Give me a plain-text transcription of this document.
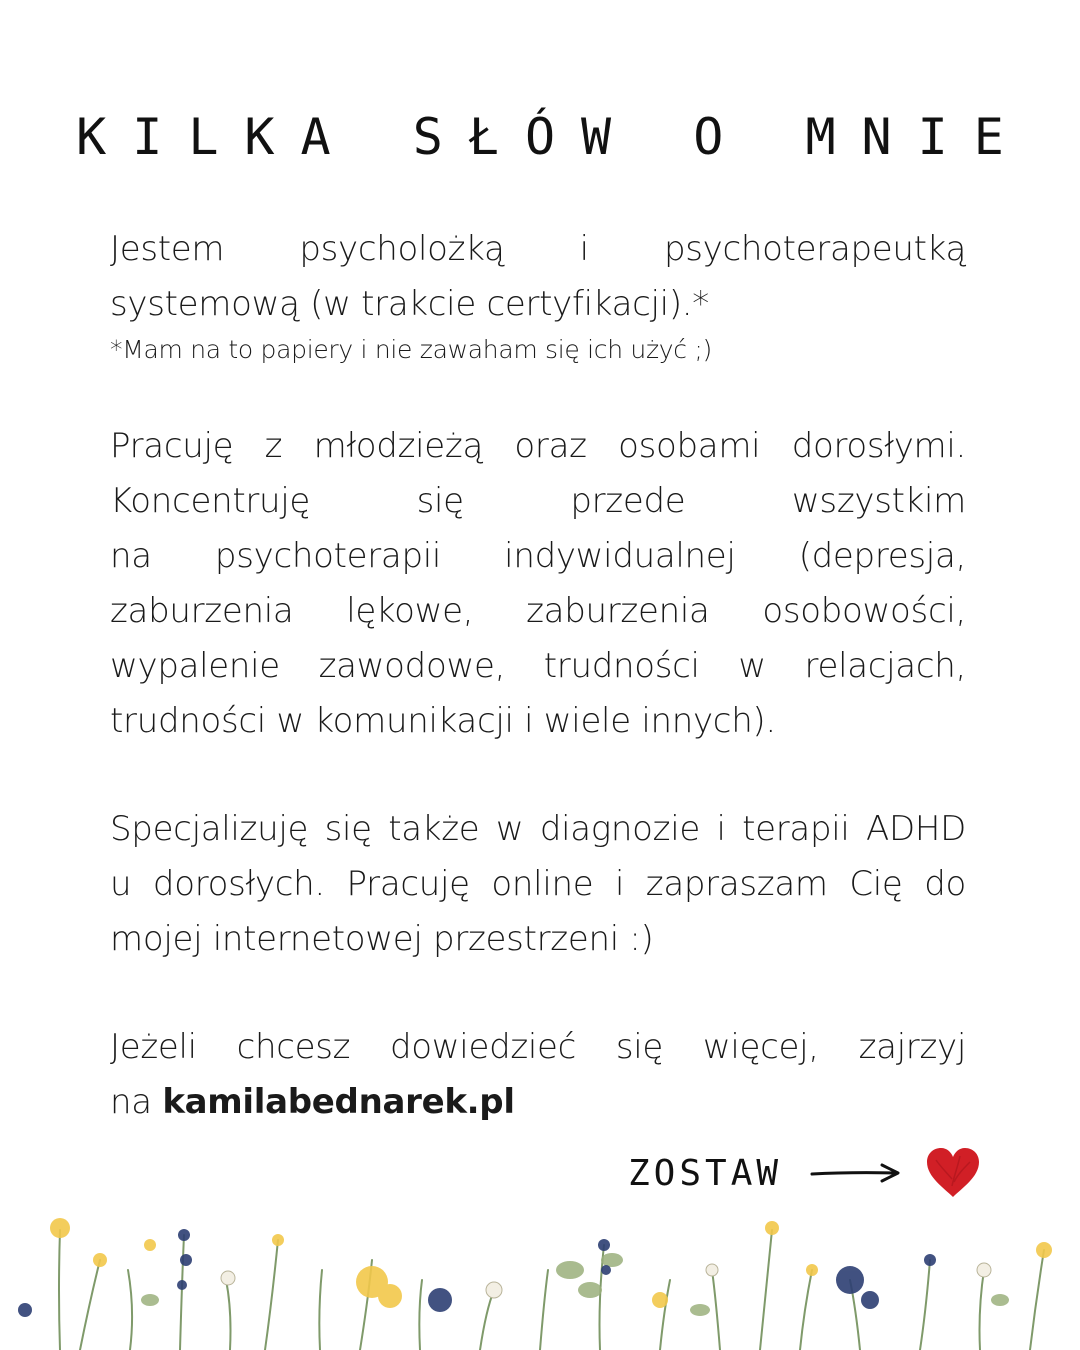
KILKA SŁÓW O MNIE

Jestem psycholożką i psychoterapeutką
systemową (w trakcie certyfikacji).*
*Mam na to papiery i nie zawaham się ich użyć ;)

Pracuję z młodzieżą oraz osobami dorosłymi.
Koncentruję się przede wszystkim
na psychoterapii indywidualnej (depresja,
zaburzenia lękowe, zaburzenia osobowości,
wypalenie zawodowe, trudności w relacjach,
trudności w komunikacji i wiele innych).

Specjalizuję się także w diagnozie i terapii ADHD
u dorosłych. Pracuję online i zapraszam Cię do
mojej internetowej przestrzeni :)

Jeżeli chcesz dowiedzieć się więcej, zajrzyj
na kamilabednarek.pl

ZOSTAW
